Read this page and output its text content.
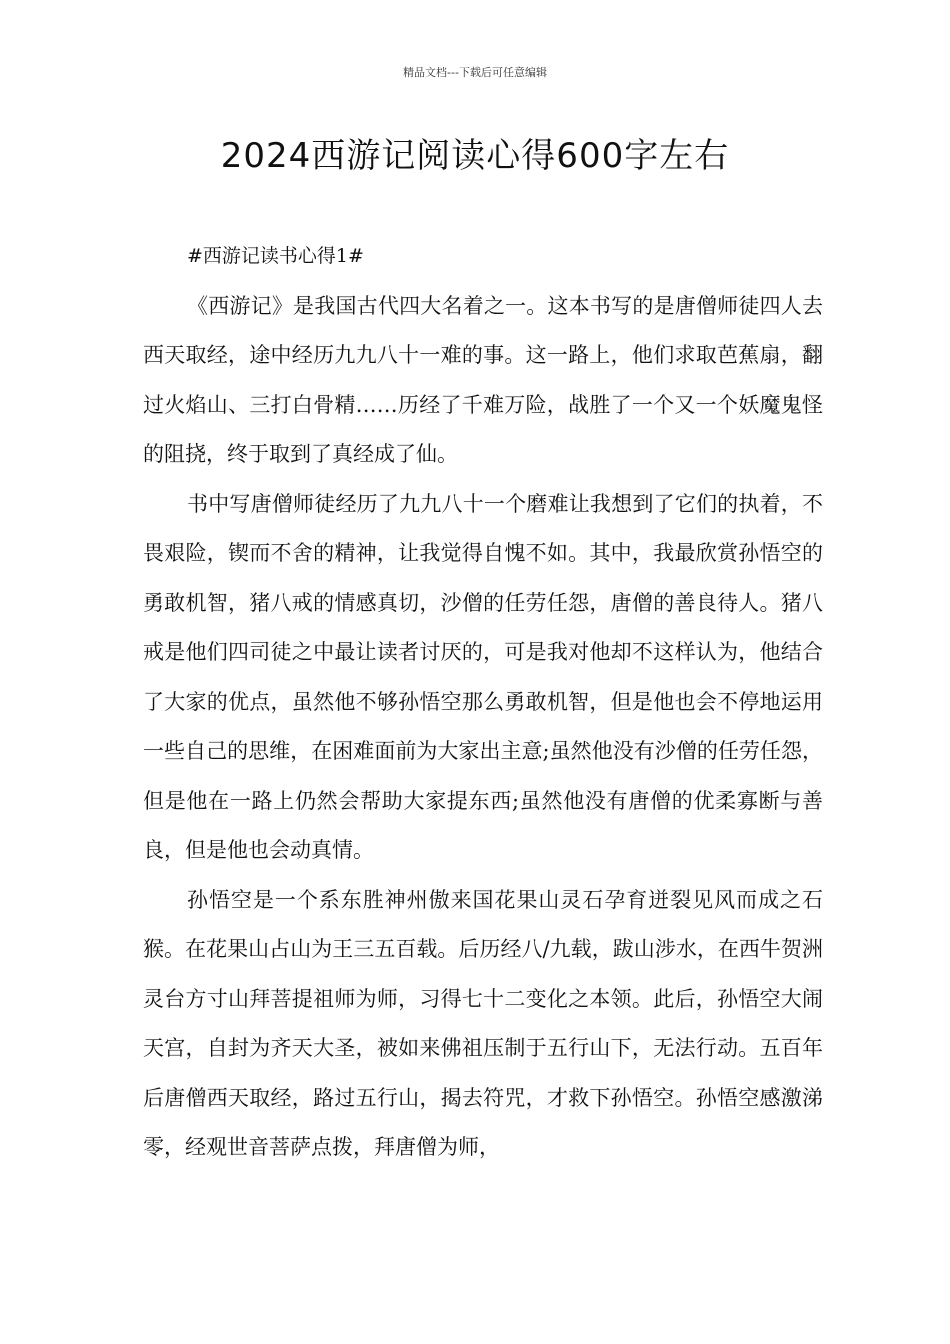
精品文档---下载后可任意编辑
2024西游记阅读心得600字左右

#西游记读书心得1#

《西游记》是我国古代四大名着之一。这本书写的是唐僧师徒四人去西天取经，途中经历九九八十一难的事。这一路上，他们求取芭蕉扇，翻过火焰山、三打白骨精……历经了千难万险，战胜了一个又一个妖魔鬼怪的阻挠，终于取到了真经成了仙。

书中写唐僧师徒经历了九九八十一个磨难让我想到了它们的执着，不畏艰险，锲而不舍的精神，让我觉得自愧不如。其中，我最欣赏孙悟空的勇敢机智，猪八戒的情感真切，沙僧的任劳任怨，唐僧的善良待人。猪八戒是他们四司徒之中最让读者讨厌的，可是我对他却不这样认为，他结合了大家的优点，虽然他不够孙悟空那么勇敢机智，但是他也会不停地运用一些自己的思维，在困难面前为大家出主意;虽然他没有沙僧的任劳任怨，但是他在一路上仍然会帮助大家提东西;虽然他没有唐僧的优柔寡断与善良，但是他也会动真情。

孙悟空是一个系东胜神州傲来国花果山灵石孕育迸裂见风而成之石猴。在花果山占山为王三五百载。后历经八/九载，跋山涉水，在西牛贺洲灵台方寸山拜菩提祖师为师，习得七十二变化之本领。此后，孙悟空大闹天宫，自封为齐天大圣，被如来佛祖压制于五行山下，无法行动。五百年后唐僧西天取经，路过五行山，揭去符咒，才救下孙悟空。孙悟空感激涕零，经观世音菩萨点拨，拜唐僧为师，
